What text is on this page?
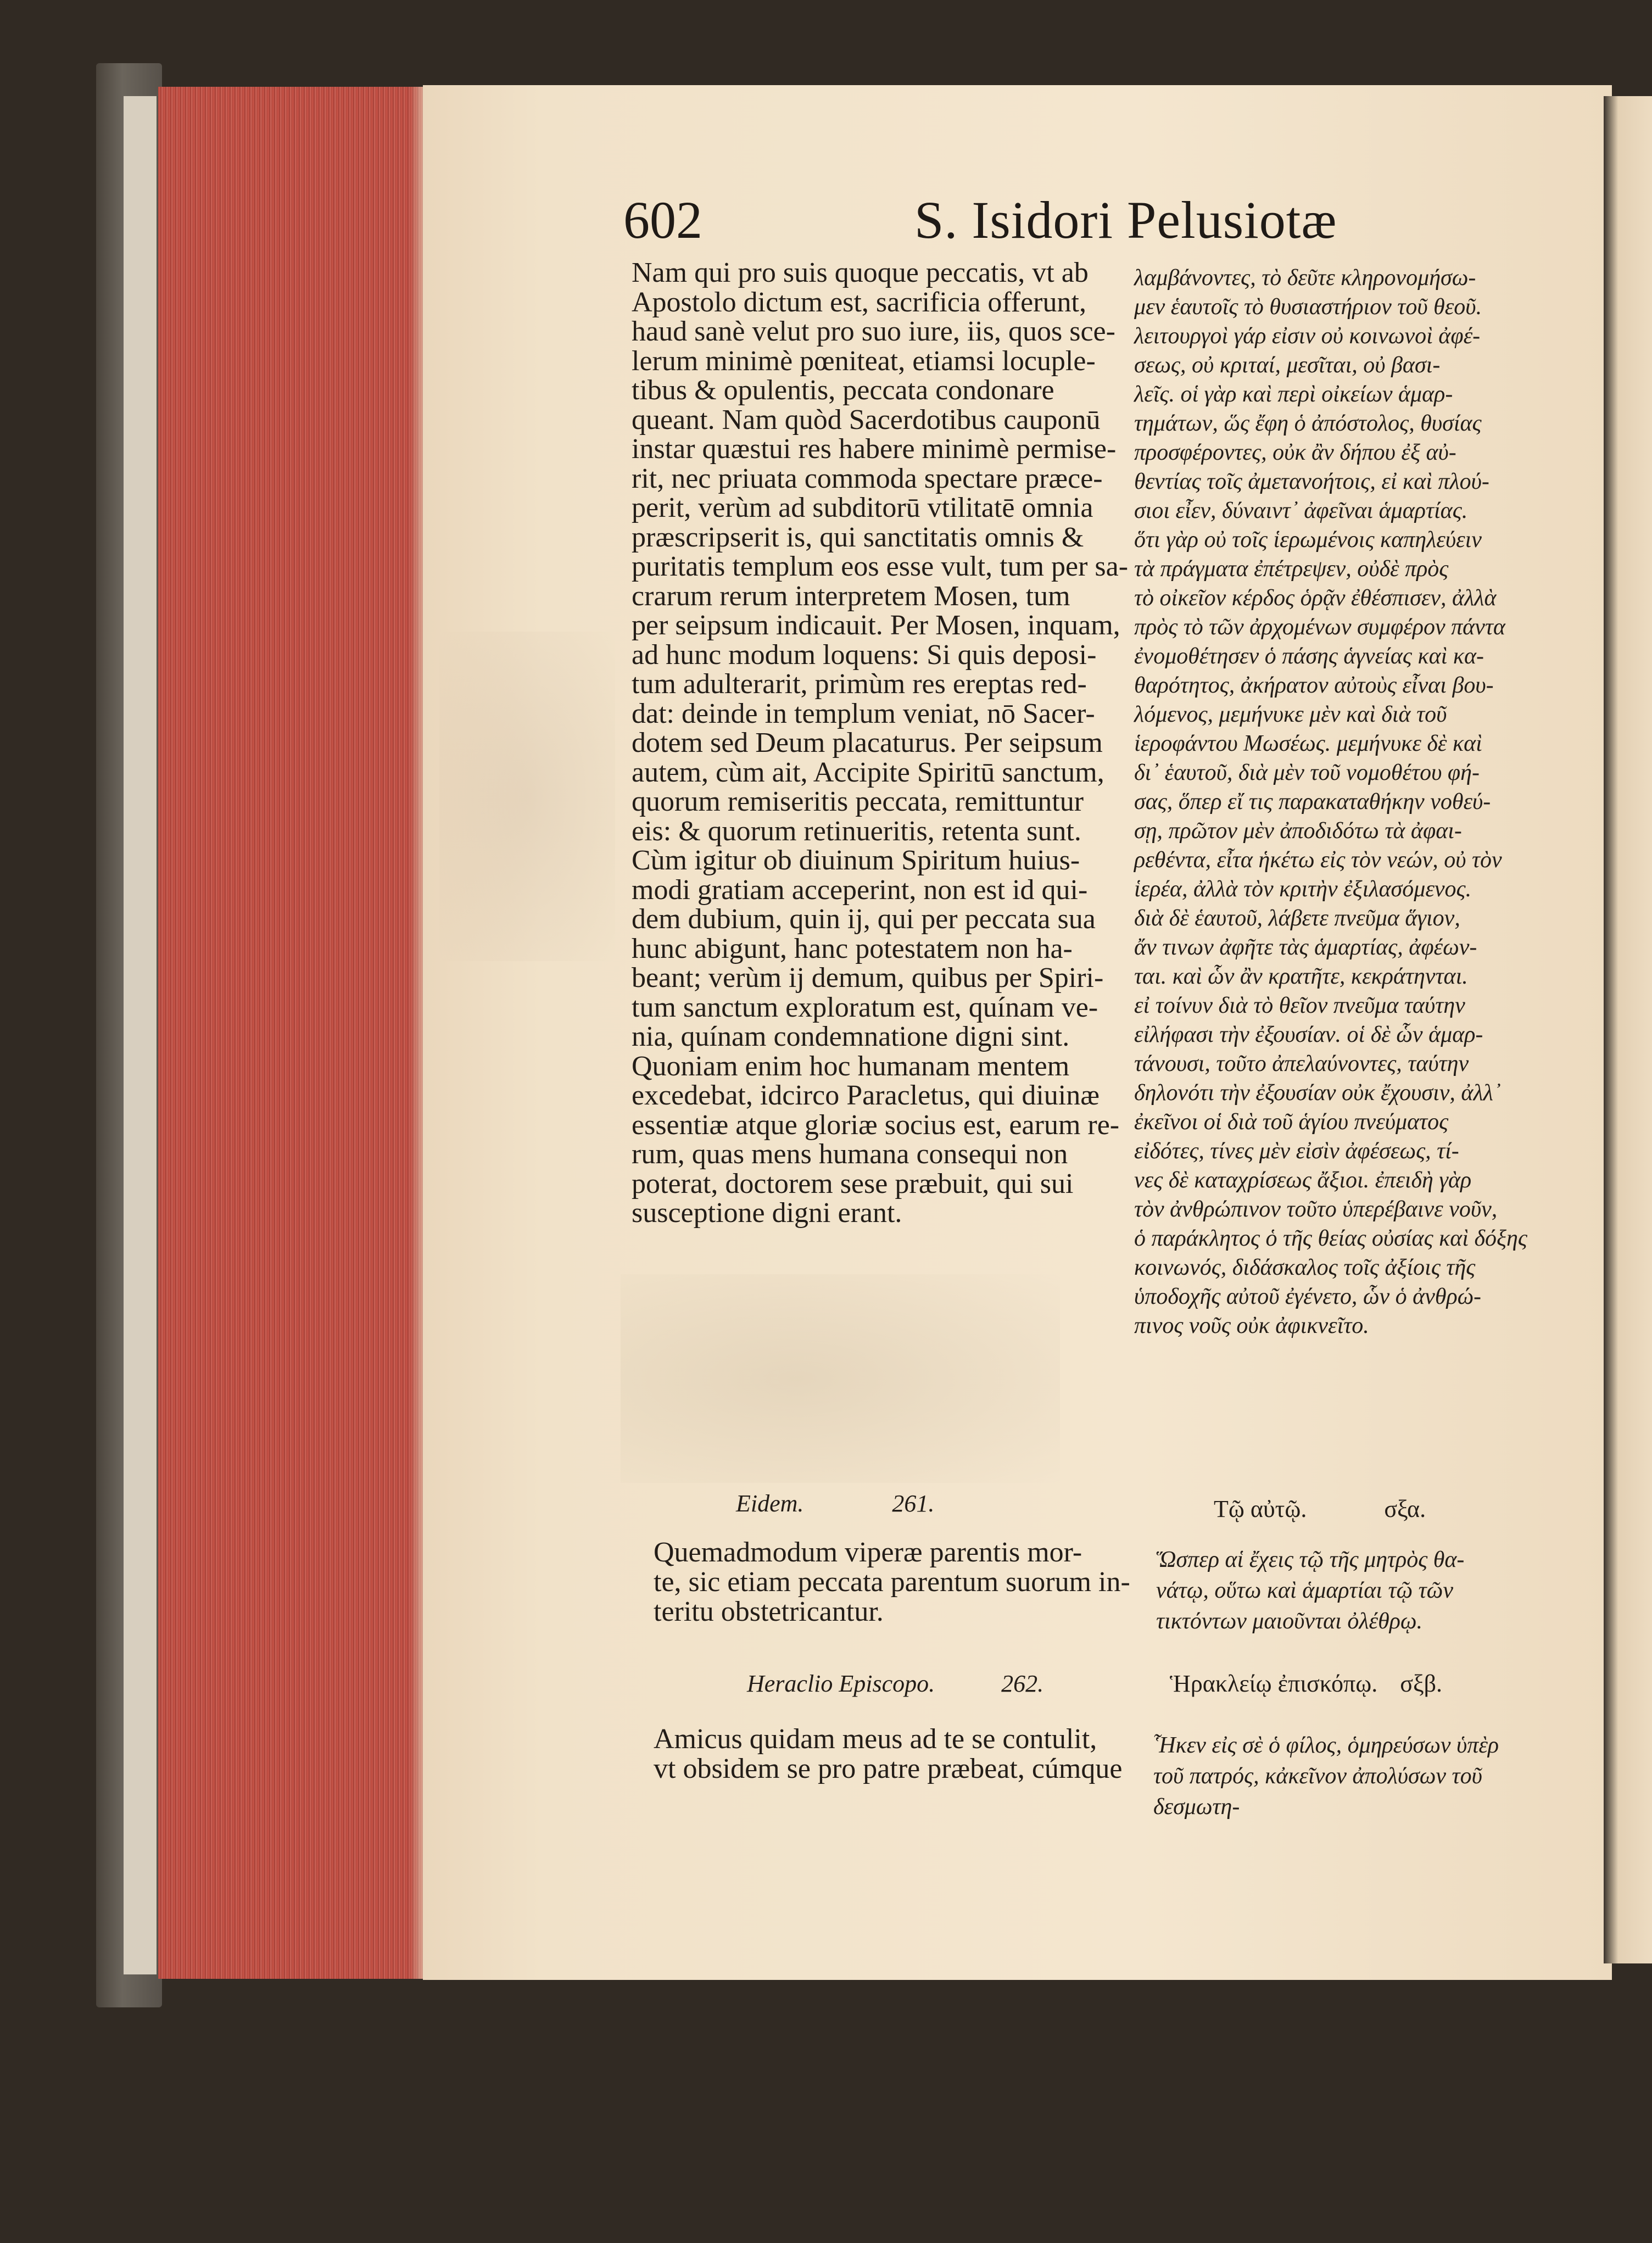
602	S. Isidori Pelusiotæ

Nam qui pro suis quoque peccatis, vt ab

Apostolo dictum est, sacrificia offerunt,

haud sanè velut pro suo iure, iis, quos sce-

lerum minimè pœniteat, etiamsi locuple-

tibus & opulentis, peccata condonare

queant. Nam quòd Sacerdotibus cauponū

instar quæstui res habere minimè permise-

rit, nec priuata commoda spectare præce-

perit, verùm ad subditorū vtilitatē omnia

præscripserit is, qui sanctitatis omnis &

puritatis templum eos esse vult, tum per sa-

crarum rerum interpretem Mosen, tum

per seipsum indicauit. Per Mosen, inquam,

ad hunc modum loquens: Si quis deposi-

tum adulterarit, primùm res ereptas red-

dat: deinde in templum veniat, nō Sacer-

dotem sed Deum placaturus. Per seipsum

autem, cùm ait, Accipite Spiritū sanctum,

quorum remiseritis peccata, remittuntur

eis: & quorum retinueritis, retenta sunt.

Cùm igitur ob diuinum Spiritum huius-

modi gratiam acceperint, non est id qui-

dem dubium, quin ij, qui per peccata sua

hunc abigunt, hanc potestatem non ha-

beant; verùm ij demum, quibus per Spiri-

tum sanctum exploratum est, quínam ve-

nia, quínam condemnatione digni sint.

Quoniam enim hoc humanam mentem

excedebat, idcirco Paracletus, qui diuinæ

essentiæ atque gloriæ socius est, earum re-

rum, quas mens humana consequi non

poterat, doctorem sese præbuit, qui sui

susceptione digni erant.

λαμβάνοντες, τὸ δεῦτε κληρονομήσω-

μεν ἑαυτοῖς τὸ θυσιαστήριον τοῦ θεοῦ.

λειτουργοὶ γάρ εἰσιν οὐ κοινωνοὶ ἀφέ-

σεως, οὐ κριταί, μεσῖται, οὐ βασι-

λεῖς. οἱ γὰρ καὶ περὶ οἰκείων ἁμαρ-

τημάτων, ὥς ἔφη ὁ ἀπόστολος, θυσίας

προσφέροντες, οὐκ ἂν δήπου ἐξ αὐ-

θεντίας τοῖς ἀμετανοήτοις, εἰ καὶ πλού-

σιοι εἶεν, δύναιντ᾽ ἀφεῖναι ἁμαρτίας.

ὅτι γὰρ οὐ τοῖς ἱερωμένοις καπηλεύειν

τὰ πράγματα ἐπέτρεψεν, οὐδὲ πρὸς

τὸ οἰκεῖον κέρδος ὁρᾷν ἐθέσπισεν, ἀλλὰ

πρὸς τὸ τῶν ἀρχομένων συμφέρον πάντα

ἐνομοθέτησεν ὁ πάσης ἁγνείας καὶ κα-

θαρότητος, ἀκήρατον αὐτοὺς εἶναι βου-

λόμενος, μεμήνυκε μὲν καὶ διὰ τοῦ

ἱεροφάντου Μωσέως. μεμήνυκε δὲ καὶ

δι᾽ ἑαυτοῦ, διὰ μὲν τοῦ νομοθέτου φή-

σας, ὅπερ εἴ τις παρακαταθήκην νοθεύ-

σῃ, πρῶτον μὲν ἀποδιδότω τὰ ἀφαι-

ρεθέντα, εἶτα ἡκέτω εἰς τὸν νεών, οὐ τὸν

ἱερέα, ἀλλὰ τὸν κριτὴν ἐξιλασόμενος.

διὰ δὲ ἑαυτοῦ, λάβετε πνεῦμα ἅγιον,

ἄν τινων ἀφῆτε τὰς ἁμαρτίας, ἀφέων-

ται. καὶ ὧν ἂν κρατῆτε, κεκράτηνται.

εἰ τοίνυν διὰ τὸ θεῖον πνεῦμα ταύτην

εἰλήφασι τὴν ἐξουσίαν. οἱ δὲ ὧν ἁμαρ-

τάνουσι, τοῦτο ἀπελαύνοντες, ταύτην

δηλονότι τὴν ἐξουσίαν οὐκ ἔχουσιν, ἀλλ᾽

ἐκεῖνοι οἱ διὰ τοῦ ἁγίου πνεύματος

εἰδότες, τίνες μὲν εἰσὶν ἀφέσεως, τί-

νες δὲ καταχρίσεως ἄξιοι. ἐπειδὴ γὰρ

τὸν ἀνθρώπινον τοῦτο ὑπερέβαινε νοῦν,

ὁ παράκλητος ὁ τῆς θείας οὐσίας καὶ δόξης

κοινωνός, διδάσκαλος τοῖς ἀξίοις τῆς

ὑποδοχῆς αὐτοῦ ἐγένετο, ὧν ὁ ἀνθρώ-

πινος νοῦς οὐκ ἀφικνεῖτο.

Eidem.	261.	Τῷ αὐτῷ.	σξα.

Quemadmodum viperæ parentis mor-

te, sic etiam peccata parentum suorum in-

teritu obstetricantur.

Ὥσπερ αἱ ἔχεις τῷ τῆς μητρὸς θα-

νάτῳ, οὕτω καὶ ἁμαρτίαι τῷ τῶν

τικτόντων μαιοῦνται ὀλέθρῳ.

Heraclio Episcopo.	262.	Ἡρακλείῳ ἐπισκόπῳ. σξβ.

Amicus quidam meus ad te se contulit,

vt obsidem se pro patre præbeat, cúmque

Ἧκεν εἰς σὲ ὁ φίλος, ὁμηρεύσων ὑπὲρ

τοῦ πατρός, κἀκεῖνον ἀπολύσων τοῦ

δεσμωτη-
